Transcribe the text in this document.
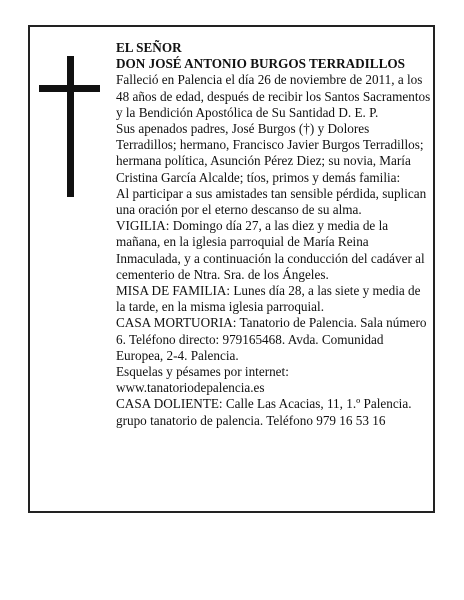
EL SEÑOR

DON JOSÉ ANTONIO BURGOS TERRADILLOS

Falleció en Palencia el día 26 de noviembre de 2011, a los 48 años de edad, después de recibir los Santos Sacramentos y la Bendición Apostólica de Su Santidad D. E. P.

Sus apenados padres, José Burgos (†) y Dolores Terradillos; hermano, Francisco Javier Burgos Terradillos; hermana política, Asunción Pérez Diez; su novia, María Cristina García Alcalde; tíos, primos y demás familia:

Al participar a sus amistades tan sensible pérdida, suplican una oración por el eterno descanso de su alma.

VIGILIA: Domingo día 27, a las diez y media de la mañana, en la iglesia parroquial de María Reina Inmaculada, y a continuación la conducción del cadáver al cementerio de Ntra. Sra. de los Ángeles.

MISA DE FAMILIA: Lunes día 28, a las siete y media de la tarde, en la misma iglesia parroquial.

CASA MORTUORIA: Tanatorio de Palencia. Sala número 6. Teléfono directo: 979165468. Avda. Comunidad Europea, 2-4. Palencia.

Esquelas y pésames por internet: www.tanatoriodepalencia.es

CASA DOLIENTE: Calle Las Acacias, 11, 1.º Palencia.

grupo tanatorio de palencia. Teléfono 979 16 53 16
